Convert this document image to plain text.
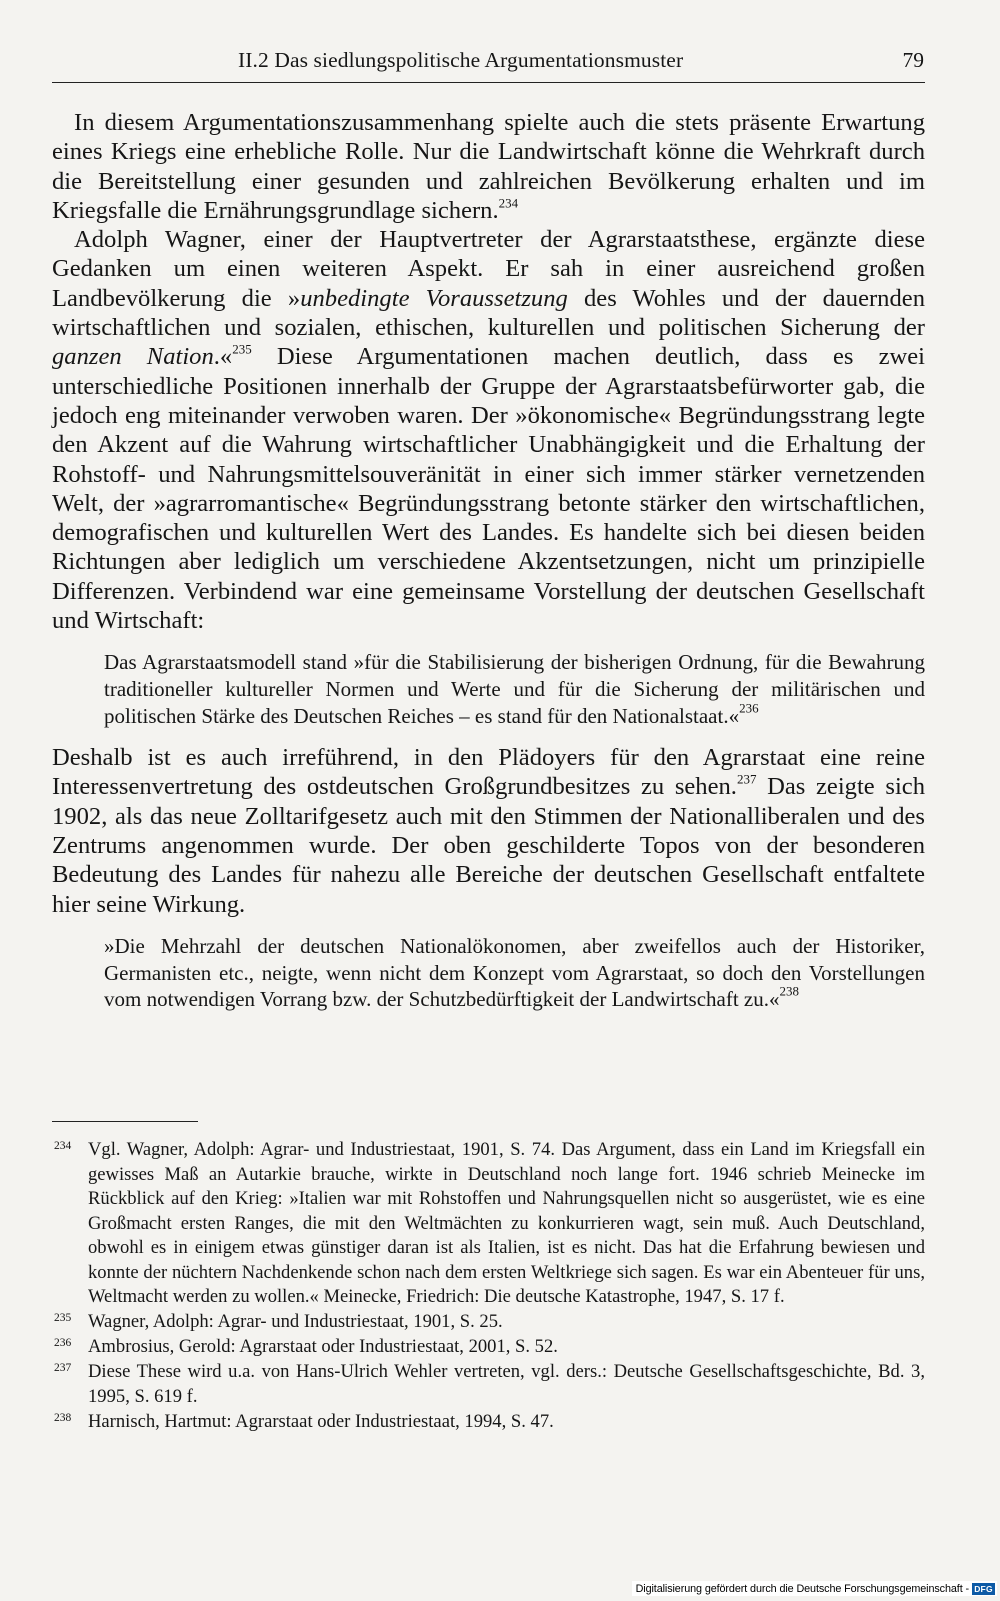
II.2 Das siedlungspolitische Argumentationsmuster	79

In diesem Argumentationszusammenhang spielte auch die stets präsente Erwartung eines Kriegs eine erhebliche Rolle. Nur die Landwirtschaft könne die Wehrkraft durch die Bereitstellung einer gesunden und zahlreichen Bevölkerung erhalten und im Kriegsfalle die Ernährungsgrundlage sichern.$^{234}$

Adolph Wagner, einer der Hauptvertreter der Agrarstaatsthese, ergänzte diese Gedanken um einen weiteren Aspekt. Er sah in einer ausreichend großen Landbevölkerung die »unbedingte Voraussetzung des Wohles und der dauernden wirtschaftlichen und sozialen, ethischen, kulturellen und politischen Sicherung der ganzen Nation.«$^{235}$ Diese Argumentationen machen deutlich, dass es zwei unterschiedliche Positionen innerhalb der Gruppe der Agrarstaatsbefürworter gab, die jedoch eng miteinander verwoben waren. Der »ökonomische« Begründungsstrang legte den Akzent auf die Wahrung wirtschaftlicher Unabhängigkeit und die Erhaltung der Rohstoff- und Nahrungsmittelsouveränität in einer sich immer stärker vernetzenden Welt, der »agrarromantische« Begründungsstrang betonte stärker den wirtschaftlichen, demografischen und kulturellen Wert des Landes. Es handelte sich bei diesen beiden Richtungen aber lediglich um verschiedene Akzentsetzungen, nicht um prinzipielle Differenzen. Verbindend war eine gemeinsame Vorstellung der deutschen Gesellschaft und Wirtschaft:

Das Agrarstaatsmodell stand »für die Stabilisierung der bisherigen Ordnung, für die Bewahrung traditioneller kultureller Normen und Werte und für die Sicherung der militärischen und politischen Stärke des Deutschen Reiches – es stand für den Nationalstaat.«$^{236}$

Deshalb ist es auch irreführend, in den Plädoyers für den Agrarstaat eine reine Interessenvertretung des ostdeutschen Großgrundbesitzes zu sehen.$^{237}$ Das zeigte sich 1902, als das neue Zolltarifgesetz auch mit den Stimmen der Nationalliberalen und des Zentrums angenommen wurde. Der oben geschilderte Topos von der besonderen Bedeutung des Landes für nahezu alle Bereiche der deutschen Gesellschaft entfaltete hier seine Wirkung.

»Die Mehrzahl der deutschen Nationalökonomen, aber zweifellos auch der Historiker, Germanisten etc., neigte, wenn nicht dem Konzept vom Agrarstaat, so doch den Vorstellungen vom notwendigen Vorrang bzw. der Schutzbedürftigkeit der Landwirtschaft zu.«$^{238}$

234 Vgl. Wagner, Adolph: Agrar- und Industriestaat, 1901, S. 74. Das Argument, dass ein Land im Kriegsfall ein gewisses Maß an Autarkie brauche, wirkte in Deutschland noch lange fort. 1946 schrieb Meinecke im Rückblick auf den Krieg: »Italien war mit Rohstoffen und Nahrungsquellen nicht so ausgerüstet, wie es eine Großmacht ersten Ranges, die mit den Weltmächten zu konkurrieren wagt, sein muß. Auch Deutschland, obwohl es in einigem etwas günstiger daran ist als Italien, ist es nicht. Das hat die Erfahrung bewiesen und konnte der nüchtern Nachdenkende schon nach dem ersten Weltkriege sich sagen. Es war ein Abenteuer für uns, Weltmacht werden zu wollen.« Meinecke, Friedrich: Die deutsche Katastrophe, 1947, S. 17 f.

235 Wagner, Adolph: Agrar- und Industriestaat, 1901, S. 25.

236 Ambrosius, Gerold: Agrarstaat oder Industriestaat, 2001, S. 52.

237 Diese These wird u.a. von Hans-Ulrich Wehler vertreten, vgl. ders.: Deutsche Gesellschaftsgeschichte, Bd. 3, 1995, S. 619 f.

238 Harnisch, Hartmut: Agrarstaat oder Industriestaat, 1994, S. 47.

Digitalisierung gefördert durch die Deutsche Forschungsgemeinschaft - DFG
